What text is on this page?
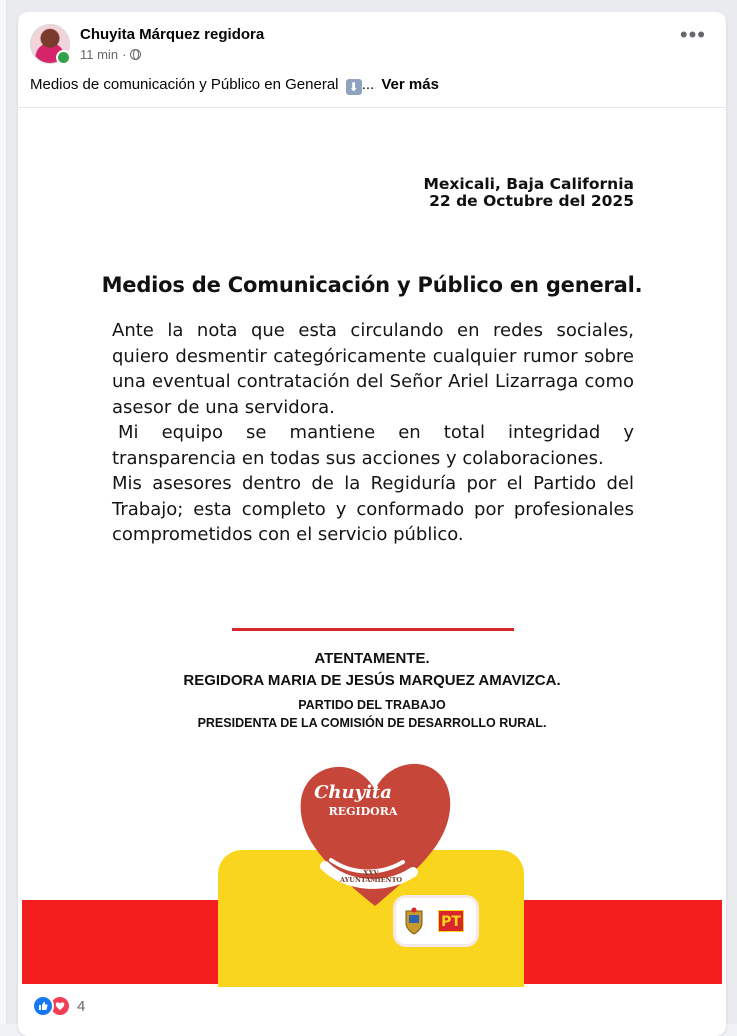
Chuyita Márquez regidora
11 min ·
•••
Medios de comunicación y Público en General ⬇ ... Ver más
Mexicali, Baja California
22 de Octubre del 2025
Medios de Comunicación y Público en general.

Ante la nota que esta circulando en redes sociales, quiero desmentir categóricamente cualquier rumor sobre una eventual contratación del Señor Ariel Lizarraga como asesor de una servidora.

Mi equipo se mantiene en total integridad y transparencia en todas sus acciones y colaboraciones.

Mis asesores dentro de la Regiduría por el Partido del Trabajo; esta completo y conformado por profesionales comprometidos con el servicio público.

ATENTAMENTE.
REGIDORA MARIA DE JESÚS MARQUEZ AMAVIZCA.
PARTIDO DEL TRABAJO
PRESIDENTA DE LA COMISIÓN DE DESARROLLO RURAL.
Chuyita
REGIDORA
XXV
AYUNTAMIENTO
PT
4
